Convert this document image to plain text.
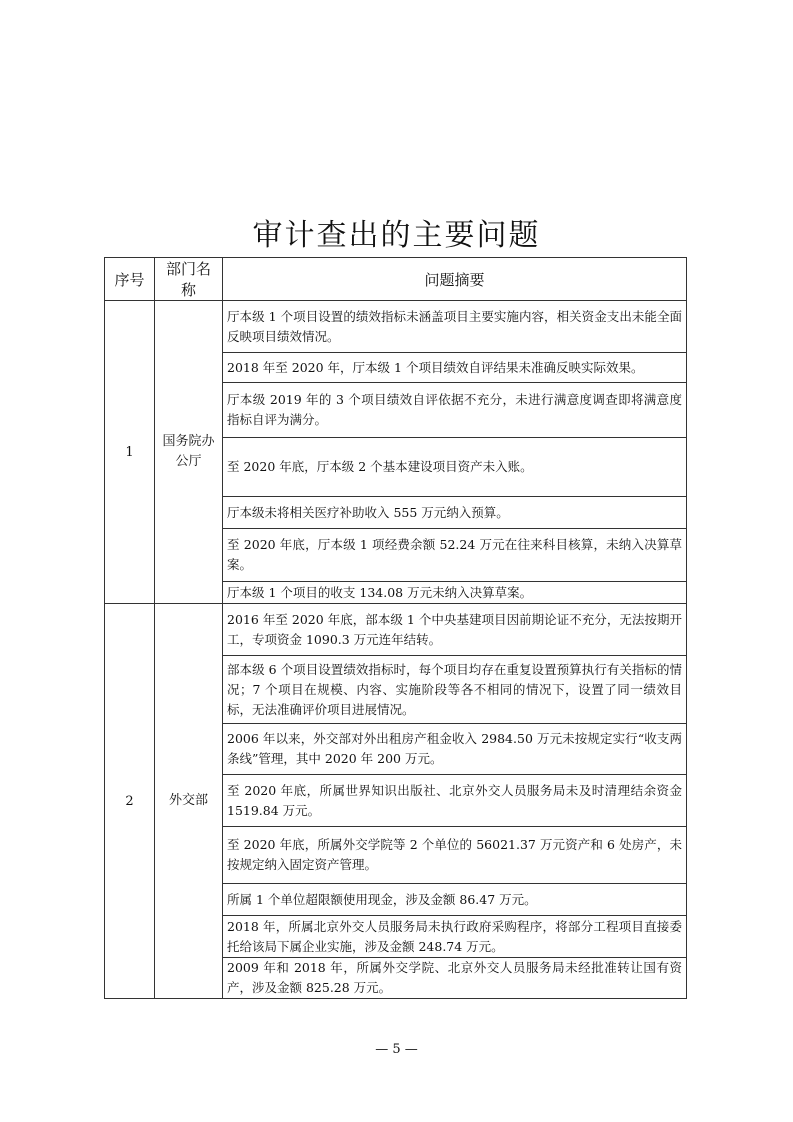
审计查出的主要问题
序号	部门名称	问题摘要
1	国务院办公厅	厅本级 1 个项目设置的绩效指标未涵盖项目主要实施内容，相关资金支出未能全面反映项目绩效情况。
		2018 年至 2020 年，厅本级 1 个项目绩效自评结果未准确反映实际效果。
		厅本级 2019 年的 3 个项目绩效自评依据不充分，未进行满意度调查即将满意度指标自评为满分。
		至 2020 年底，厅本级 2 个基本建设项目资产未入账。
		厅本级未将相关医疗补助收入 555 万元纳入预算。
		至 2020 年底，厅本级 1 项经费余额 52.24 万元在往来科目核算，未纳入决算草案。
		厅本级 1 个项目的收支 134.08 万元未纳入决算草案。
2	外交部	2016 年至 2020 年底，部本级 1 个中央基建项目因前期论证不充分，无法按期开工，专项资金 1090.3 万元连年结转。
		部本级 6 个项目设置绩效指标时，每个项目均存在重复设置预算执行有关指标的情况；7 个项目在规模、内容、实施阶段等各不相同的情况下，设置了同一绩效目标，无法准确评价项目进展情况。
		2006 年以来，外交部对外出租房产租金收入 2984.50 万元未按规定实行“收支两条线”管理，其中 2020 年 200 万元。
		至 2020 年底，所属世界知识出版社、北京外交人员服务局未及时清理结余资金 1519.84 万元。
		至 2020 年底，所属外交学院等 2 个单位的 56021.37 万元资产和 6 处房产，未按规定纳入固定资产管理。
		所属 1 个单位超限额使用现金，涉及金额 86.47 万元。
		2018 年，所属北京外交人员服务局未执行政府采购程序，将部分工程项目直接委托给该局下属企业实施，涉及金额 248.74 万元。
		2009 年和 2018 年，所属外交学院、北京外交人员服务局未经批准转让国有资产，涉及金额 825.28 万元。
— 5 —
